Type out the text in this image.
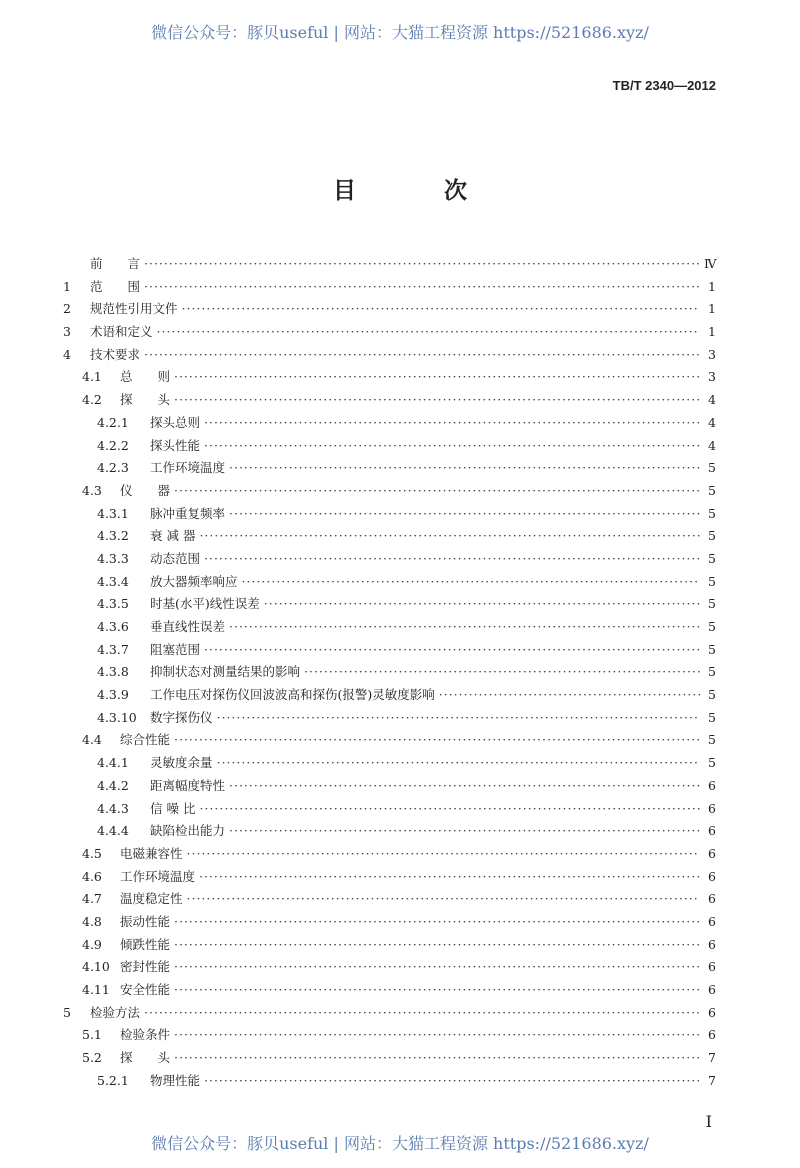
微信公众号：豚贝useful | 网站：大猫工程资源 https://521686.xyz/
TB/T 2340—2012
目 次
前　　言 ·····	Ⅳ
1	范　　围 ·····	1
2	规范性引用文件 ·····	1
3	术语和定义 ·····	1
4	技术要求 ·····	3
4.1	总　　则 ·····	3
4.2	探　　头 ·····	4
4.2.1	探头总则 ·····	4
4.2.2	探头性能 ·····	4
4.2.3	工作环境温度 ·····	5
4.3	仪　　器 ·····	5
4.3.1	脉冲重复频率 ·····	5
4.3.2	衰 减 器 ·····	5
4.3.3	动态范围 ·····	5
4.3.4	放大器频率响应 ·····	5
4.3.5	时基(水平)线性误差 ·····	5
4.3.6	垂直线性误差 ·····	5
4.3.7	阻塞范围 ·····	5
4.3.8	抑制状态对测量结果的影响 ·····	5
4.3.9	工作电压对探伤仪回波波高和探伤(报警)灵敏度影响 ·····	5
4.3.10	数字探伤仪 ·····	5
4.4	综合性能 ·····	5
4.4.1	灵敏度余量 ·····	5
4.4.2	距离幅度特性 ·····	6
4.4.3	信 噪 比 ·····	6
4.4.4	缺陷检出能力 ·····	6
4.5	电磁兼容性 ·····	6
4.6	工作环境温度 ·····	6
4.7	温度稳定性 ·····	6
4.8	振动性能 ·····	6
4.9	倾跌性能 ·····	6
4.10 密封性能 ·····	6
4.11 安全性能 ·····	6
5	检验方法 ·····	6
5.1	检验条件 ·····	6
5.2	探　　头 ·····	7
5.2.1	物理性能 ·····	7
I
微信公众号：豚贝useful | 网站：大猫工程资源 https://521686.xyz/
